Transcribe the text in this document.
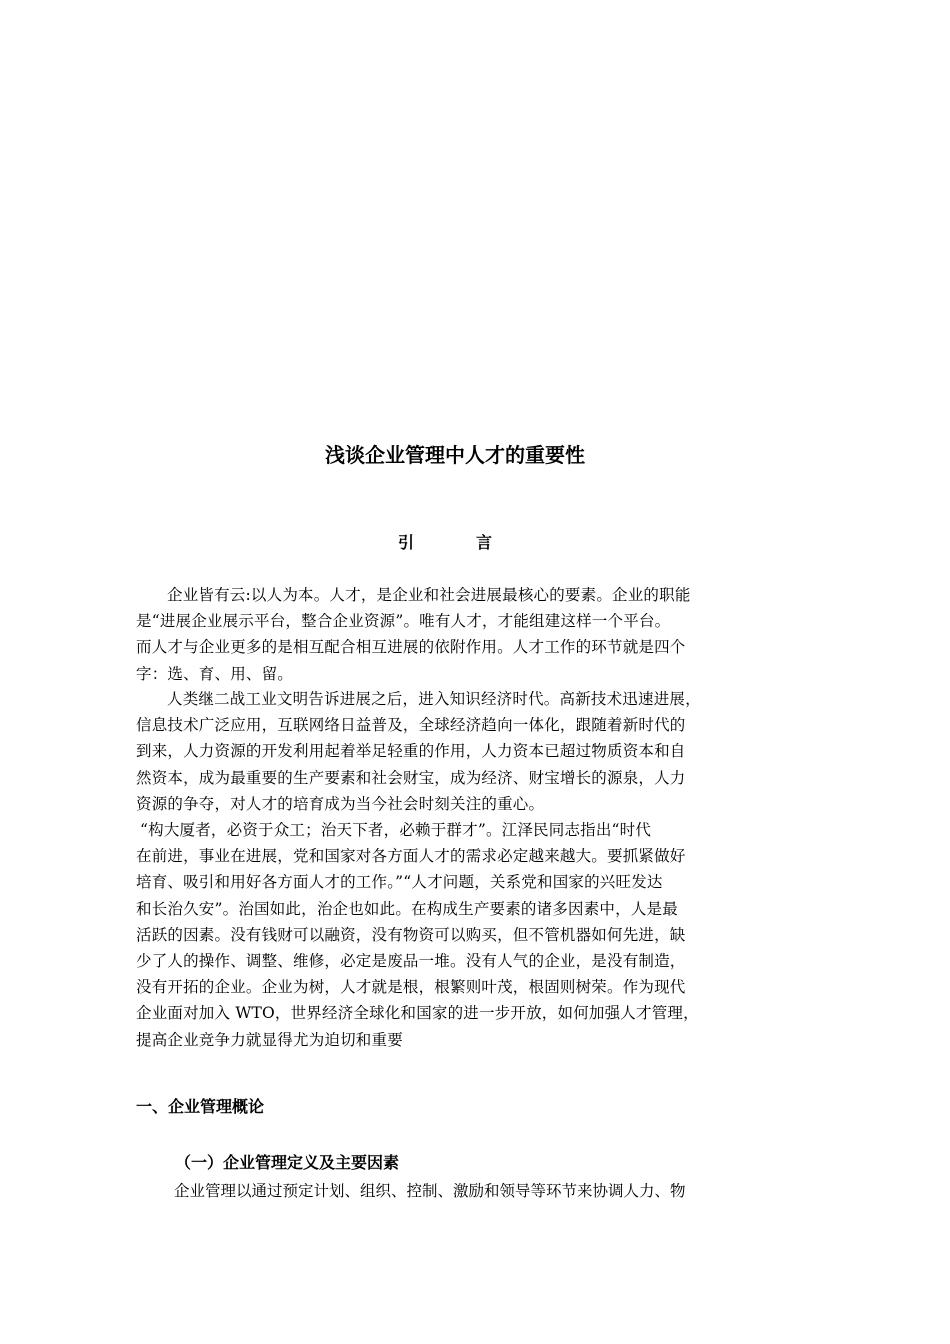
浅谈企业管理中人才的重要性
引	言
企业皆有云:以人为本。人才，是企业和社会进展最核心的要素。企业的职能
是“进展企业展示平台，整合企业资源”。唯有人才，才能组建这样一个平台。
而人才与企业更多的是相互配合相互进展的依附作用。人才工作的环节就是四个
字：选、育、用、留。
人类继二战工业文明告诉进展之后，进入知识经济时代。高新技术迅速进展，
信息技术广泛应用，互联网络日益普及，全球经济趋向一体化，跟随着新时代的
到来，人力资源的开发利用起着举足轻重的作用，人力资本已超过物质资本和自
然资本，成为最重要的生产要素和社会财宝，成为经济、财宝增长的源泉，人力
资源的争夺，对人才的培育成为当今社会时刻关注的重心。
“构大厦者，必资于众工；治天下者，必赖于群才”。江泽民同志指出“时代
在前进，事业在进展，党和国家对各方面人才的需求必定越来越大。要抓紧做好
培育、吸引和用好各方面人才的工作。”“人才问题，关系党和国家的兴旺发达
和长治久安”。治国如此，治企也如此。在构成生产要素的诸多因素中，人是最
活跃的因素。没有钱财可以融资，没有物资可以购买，但不管机器如何先进，缺
少了人的操作、调整、维修，必定是废品一堆。没有人气的企业，是没有制造，
没有开拓的企业。企业为树，人才就是根，根繁则叶茂，根固则树荣。作为现代
企业面对加入 WTO，世界经济全球化和国家的进一步开放，如何加强人才管理，
提高企业竞争力就显得尤为迫切和重要
一、企业管理概论
（一）企业管理定义及主要因素
企业管理以通过预定计划、组织、控制、激励和领导等环节来协调人力、物
